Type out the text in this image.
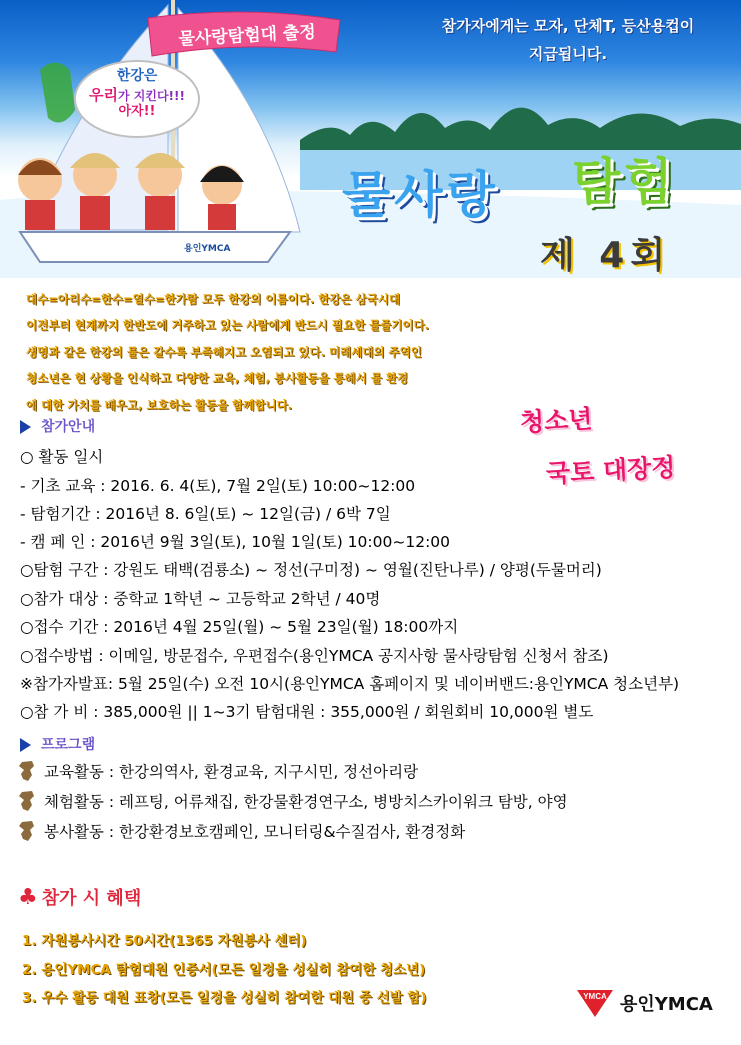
물사랑탐험대 출정
한강은
우리가 지킨다!!!
아자!!
참가자에게는 모자, 단체T, 등산용컵이
지급됩니다.
물사랑 탐험
제 4회
용인YMCA
대수=아리수=한수=열수=한가람 모두 한강의 이름이다. 한강은 삼국시대
이전부터 현재까지 한반도에 거주하고 있는 사람에게 반드시 필요한 물줄기이다.
생명과 같은 한강의 물은 갈수록 부족해지고 오염되고 있다. 미래세대의 주역인
청소년은 현 상황을 인식하고 다양한 교육, 체험, 봉사활동을 통해서 물 환경
에 대한 가치를 배우고, 보호하는 활동을 함께합니다.	청소년
국토 대장정
참가안내
○ 활동 일시
- 기초 교육 : 2016. 6. 4(토), 7월 2일(토) 10:00~12:00
- 탐험기간 : 2016년 8. 6일(토) ~ 12일(금) / 6박 7일
- 캠 페 인 : 2016년 9월 3일(토), 10월 1일(토) 10:00~12:00
○탐험 구간 : 강원도 태백(검룡소) ~ 정선(구미정) ~ 영월(진탄나루) / 양평(두물머리)
○참가 대상 : 중학교 1학년 ~ 고등학교 2학년 / 40명
○접수 기간 : 2016년 4월 25일(월) ~ 5월 23일(월) 18:00까지
○접수방법 : 이메일, 방문접수, 우편접수(용인YMCA 공지사항 물사랑탐험 신청서 참조)
※참가자발표: 5월 25일(수) 오전 10시(용인YMCA 홈페이지 및 네이버밴드:용인YMCA 청소년부)
○참 가 비 : 385,000원 || 1~3기 탐험대원 : 355,000원 / 회원회비 10,000원 별도
프로그램
교육활동 : 한강의역사, 환경교육, 지구시민, 정선아리랑
체험활동 : 레프팅, 어류채집, 한강물환경연구소, 병방치스카이워크 탐방, 야영
봉사활동 : 한강환경보호캠페인, 모니터링&수질검사, 환경정화
♣ 참가 시 혜택
1. 자원봉사시간 50시간(1365 자원봉사 센터)
2. 용인YMCA 탐험대원 인증서(모든 일정을 성실히 참여한 청소년)
3. 우수 활동 대원 표창(모든 일정을 성실히 참여한 대원 중 선발 함)	YMCA 용인YMCA
